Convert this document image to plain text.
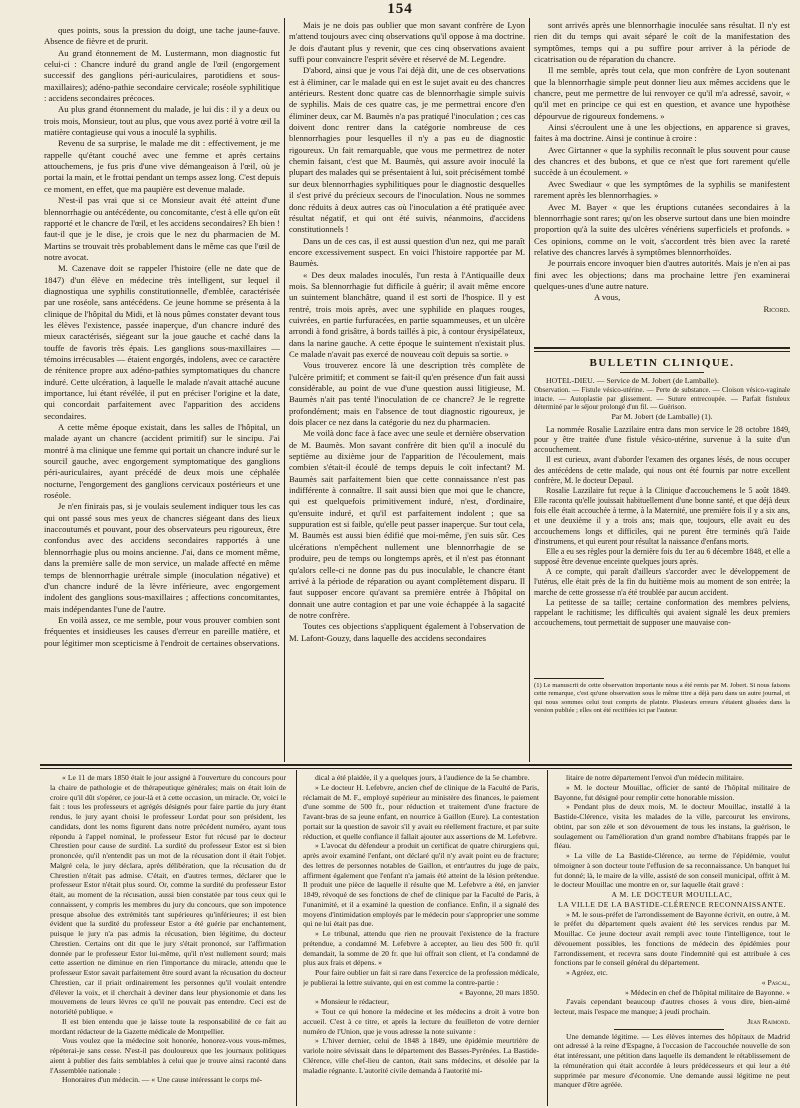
154

ques points, sous la pression du doigt, une tache jaune-fauve. Absence de fièvre et de prurit.

Au grand étonnement de M. Lustermann, mon diagnostic fut celui-ci : Chancre induré du grand angle de l'œil (engorgement successif des ganglions péri-auriculaires, parotidiens et sous-maxillaires); adéno-pathie secondaire cervicale; roséole syphilitique : accidens secondaires précoces.

Au plus grand étonnement du malade, je lui dis : il y a deux ou trois mois, Monsieur, tout au plus, que vous avez porté à votre œil la matière contagieuse qui vous a inoculé la syphilis.

Revenu de sa surprise, le malade me dit : effectivement, je me rappelle qu'étant couché avec une femme et après certains attouchemens, je fus pris d'une vive démangeaison à l'œil, où je portai la main, et le frottai pendant un temps assez long. C'est depuis ce moment, en effet, que ma paupière est devenue malade.

N'est-il pas vrai que si ce Monsieur avait été atteint d'une blennorrhagie ou antécédente, ou concomitante, c'est à elle qu'on eût rapporté et le chancre de l'œil, et les accidens secondaires? Eh bien ! faut-il que je le dise, je crois que le nez du pharmacien de M. Martins se trouvait très probablement dans le même cas que l'œil de notre avocat.

M. Cazenave doit se rappeler l'histoire (elle ne date que de 1847) d'un élève en médecine très intelligent, sur lequel il diagnostiqua une syphilis constitutionnelle, d'emblée, caractérisée par une roséole, sans antécédens. Ce jeune homme se présenta à la clinique de l'hôpital du Midi, et là nous pûmes constater devant tous les élèves l'existence, passée inaperçue, d'un chancre induré des mieux caractérisés, siégeant sur la joue gauche et caché dans la touffe de favoris très épais. Les ganglions sous-maxillaires — témoins irrécusables — étaient engorgés, indolens, avec ce caractère de rénitence propre aux adéno-pathies symptomatiques du chancre induré. Cette ulcération, à laquelle le malade n'avait attaché aucune importance, lui étant révélée, il put en préciser l'origine et la date, qui concordait parfaitement avec l'apparition des accidens secondaires.

A cette même époque existait, dans les salles de l'hôpital, un malade ayant un chancre (accident primitif) sur le sincipu. J'ai montré à ma clinique une femme qui portait un chancre induré sur le sourcil gauche, avec engorgement symptomatique des ganglions péri-auriculaires, ayant précédé de deux mois une céphalée nocturne, l'engorgement des ganglions cervicaux postérieurs et une roséole.

Je n'en finirais pas, si je voulais seulement indiquer tous les cas qui ont passé sous mes yeux de chancres siégeant dans des lieux inaccoutumés et pouvant, pour des observateurs peu rigoureux, être confondus avec des accidens secondaires rapportés à une blennorrhagie plus ou moins ancienne. J'ai, dans ce moment même, dans la première salle de mon service, un malade affecté en même temps de blennorrhagie urétrale simple (inoculation négative) et d'un chancre induré de la lèvre inférieure, avec engorgement indolent des ganglions sous-maxillaires ; affections concomitantes, mais indépendantes l'une de l'autre.

En voilà assez, ce me semble, pour vous prouver combien sont fréquentes et insidieuses les causes d'erreur en pareille matière, et pour légitimer mon scepticisme à l'endroit de certaines observations.

Mais je ne dois pas oublier que mon savant confrère de Lyon m'attend toujours avec cinq observations qu'il oppose à ma doctrine. Je dois d'autant plus y revenir, que ces cinq observations avaient suffi pour convaincre l'esprit sévère et réservé de M. Legendre.

D'abord, ainsi que je vous l'ai déjà dit, une de ces observations est à éliminer, car le malade qui en est le sujet avait eu des chancres antérieurs. Restent donc quatre cas de blennorrhagie simple suivis de syphilis. Mais de ces quatre cas, je me permettrai encore d'en éliminer deux, car M. Baumès n'a pas pratiqué l'inoculation ; ces cas doivent donc rentrer dans la catégorie nombreuse de ces blennorrhagies pour lesquelles il n'y a pas eu de diagnostic rigoureux. Un fait remarquable, que vous me permettrez de noter chemin faisant, c'est que M. Baumès, qui assure avoir inoculé la plupart des malades qui se présentaient à lui, soit précisément tombé sur deux blennorrhagies syphilitiques pour le diagnostic desquelles il s'est privé du précieux secours de l'inoculation. Nous ne sommes donc réduits à deux autres cas où l'inoculation a été pratiquée avec résultat négatif, et qui ont été suivis, néanmoins, d'accidens constitutionnels !

Dans un de ces cas, il est aussi question d'un nez, qui me paraît encore excessivement suspect. En voici l'histoire rapportée par M. Baumès.

« Des deux malades inoculés, l'un resta à l'Antiquaille deux mois. Sa blennorrhagie fut difficile à guérir; il avait même encore un suintement blanchâtre, quand il est sorti de l'hospice. Il y est rentré, trois mois après, avec une syphilide en plaques rouges, cuivrées, en partie furfuracées, en partie squammeuses, et un ulcère arrondi à fond grisâtre, à bords taillés à pic, à contour érysipélateux, dans la narine gauche. A cette époque le suintement n'existait plus. Ce malade n'avait pas exercé de nouveau coït depuis sa sortie. »

Vous trouverez encore là une description très complète de l'ulcère primitif; et comment se fait-il qu'en présence d'un fait aussi considérable, au point de vue d'une question aussi litigieuse, M. Baumès n'ait pas tenté l'inoculation de ce chancre? Je le regrette profondément; mais en l'absence de tout diagnostic rigoureux, je dois placer ce nez dans la catégorie du nez du pharmacien.

Me voilà donc face à face avec une seule et dernière observation de M. Baumès. Mon savant confrère dit bien qu'il a inoculé du septième au dixième jour de l'apparition de l'écoulement, mais combien s'était-il écoulé de temps depuis le coït infectant? M. Baumès sait parfaitement bien que cette connaissance n'est pas indifférente à connaître. Il sait aussi bien que moi que le chancre, qui est quelquefois primitivement induré, n'est, d'ordinaire, qu'ensuite induré, et qu'il est parfaitement indolent ; que sa suppuration est si faible, qu'elle peut passer inaperçue. Sur tout cela, M. Baumès est aussi bien édifié que moi-même, j'en suis sûr. Ces ulcérations n'empêchent nullement une blennorrhagie de se produire, peu de temps ou longtemps après, et il n'est pas étonnant qu'alors celle-ci ne donne pas du pus inoculable, le chancre étant arrivé à la période de réparation ou ayant complètement disparu. Il faut supposer encore qu'avant sa première entrée à l'hôpital on donnait une autre contagion et par une voie échappée à la sagacité de notre confrère.

Toutes ces objections s'appliquent également à l'observation de M. Lafont-Gouzy, dans laquelle des accidens secondaires

sont arrivés après une blennorrhagie inoculée sans résultat. Il n'y est rien dit du temps qui avait séparé le coït de la manifestation des symptômes, temps qui a pu suffire pour arriver à la période de cicatrisation ou de réparation du chancre.

Il me semble, après tout cela, que mon confrère de Lyon soutenant que la blennorrhagie simple peut donner lieu aux mêmes accidens que le chancre, peut me permettre de lui renvoyer ce qu'il m'a adressé, savoir, « qu'il met en principe ce qui est en question, et avance une hypothèse dépourvue de rigoureux fondemens. »

Ainsi s'écroulent une à une les objections, en apparence si graves, faites à ma doctrine. Ainsi je continue à croire :

Avec Girtanner « que la syphilis reconnaît le plus souvent pour cause des chancres et des bubons, et que ce n'est que fort rarement qu'elle succède à un écoulement. »

Avec Swediaur « que les symptômes de la syphilis se manifestent rarement après les blennorrhagies. »

Avec M. Bayer « que les éruptions cutanées secondaires à la blennorrhagie sont rares; qu'on les observe surtout dans une bien moindre proportion qu'à la suite des ulcères vénériens superficiels et profonds. » Ces opinions, comme on le voit, s'accordent très bien avec la rareté relative des chancres larvés à symptômes blennorrhoïdes.

Je pourrais encore invoquer bien d'autres autorités. Mais je n'en ai pas fini avec les objections; dans ma prochaine lettre j'en examinerai quelques-unes d'une autre nature.

A vous,

Ricord.

BULLETIN CLINIQUE.

HOTEL-DIEU. — Service de M. Jobert (de Lamballe).

Observation. — Fistule vésico-utérine. — Perte de substance. — Cloison vésico-vaginale intacte. — Autoplastie par glissement. — Suture entrecoupée. — Parfait fistuleux déterminé par le séjour prolongé d'un fil. — Guérison.

Par M. Jobert (de Lamballe) (1).

La nommée Rosalie Lazzilaire entra dans mon service le 28 octobre 1849, pour y être traitée d'une fistule vésico-utérine, survenue à la suite d'un accouchement.

Il est curieux, avant d'aborder l'examen des organes lésés, de nous occuper des antécédens de cette malade, qui nous ont été fournis par notre excellent confrère, M. le docteur Depaul.

Rosalie Lazzilaire fut reçue à la Clinique d'accouchemens le 5 août 1849. Elle raconta qu'elle jouissait habituellement d'une bonne santé, et que déjà deux fois elle était accouchée à terme, à la Maternité, une première fois il y a six ans, et une deuxième il y a trois ans; mais que, toujours, elle avait eu des accouchemens longs et difficiles, qui ne purent être terminés qu'à l'aide d'instrumens, et qui eurent pour résultat la naissance d'enfans morts.

Elle a eu ses règles pour la dernière fois du 1er au 6 décembre 1848, et elle a supposé être devenue enceinte quelques jours après.

A ce compte, qui paraît d'ailleurs s'accorder avec le développement de l'utérus, elle était près de la fin du huitième mois au moment de son entrée; la marche de cette grossesse n'a été troublée par aucun accident.

La petitesse de sa taille; certaine conformation des membres pelviens, rappelant le rachitisme; les difficultés qui avaient signalé les deux premiers accouchemens, tout permettait de supposer une mauvaise con-

(1) Le manuscrit de cette observation importante nous a été remis par M. Jobert. Si nous faisons cette remarque, c'est qu'une observation sous le même titre a déjà paru dans un autre journal, et qui nous sommes celui tout compris de plainte. Plusieurs erreurs s'étaient glissées dans la version publiée ; elles ont été rectifiées ici par l'auteur.

« Le 11 de mars 1850 était le jour assigné à l'ouverture du concours pour la chaire de pathologie et de thérapeutique générales; mais on était loin de croire qu'il dût s'opérer, ce jour-là et à cette occasion, un miracle. Or, voici le fait : tous les professeurs et agrégés désignés pour faire partie du jury étant rendus, le jury ayant choisi le professeur Lordat pour son président, les candidats, dont les noms figurent dans notre précédent numéro, ayant tous répondu à l'appel nominal, le professeur Estor fut récusé par le docteur Chrestien pour cause de surdité. La surdité du professeur Estor est si bien prononcée, qu'il n'entendit pas un mot de la récusation dont il était l'objet. Malgré cela, le jury déclara, après délibération, que la récusation du dr Chrestien n'était pas admise. C'était, en d'autres termes, déclarer que le professeur Estor n'était plus sourd. Or, comme la surdité du professeur Estor était, au moment de la récusation, aussi bien constatée par tous ceux qui le connaissent, y compris les membres du jury du concours, que son impotence presque absolue des extrémités tant supérieures qu'inférieures; il est bien évident que la surdité du professeur Estor a été guérie par enchantement, puisque le jury n'a pas admis la récusation, bien légitime, du docteur Chrestien. Certains ont dit que le jury s'était prononcé, sur l'affirmation donnée par le professeur Estor lui-même, qu'il n'est nullement sourd; mais cette assertion ne diminue en rien l'importance du miracle, attendu que le professeur Estor savait parfaitement être sourd avant la récusation du docteur Chrestien, car il priait ordinairement les personnes qu'il voulait entendre d'élever la voix, et il cherchait à deviner dans leur physionomie et dans les mouvemens de leurs lèvres ce qu'il ne pouvait pas entendre. Ceci est de notoriété publique. »

Il est bien entendu que je laisse toute la responsabilité de ce fait au mordant rédacteur de la Gazette médicale de Montpellier.

Vous voulez que la médecine soit honorée, honorez-vous vous-mêmes, répéterai-je sans cesse. N'est-il pas douloureux que les journaux politiques aient à publier des faits semblables à celui que je trouve ainsi raconté dans l'Assemblée nationale :

Honoraires d'un médecin. — « Une cause intéressant le corps mé-

dical a été plaidée, il y a quelques jours, à l'audience de la 5e chambre.

» Le docteur H. Lefebvre, ancien chef de clinique de la Faculté de Paris, réclamait de M. F., employé supérieur au ministère des finances, le paiement d'une somme de 500 fr., pour réduction et traitement d'une fracture de l'avant-bras de sa jeune enfant, en nourrice à Gaillon (Eure). La contestation portait sur la question de savoir s'il y avait eu réellement fracture, et par suite réduction, et quelle confiance il fallait ajouter aux assertions de M. Lefebvre.

» L'avocat du défendeur a produit un certificat de quatre chirurgiens qui, après avoir examiné l'enfant, ont déclaré qu'il n'y avait point eu de fracture; des lettres de personnes notables de Gaillon, et entr'autres du juge de paix, affirment également que l'enfant n'a jamais été atteint de la lésion prétendue. Il produit une pièce de laquelle il résulte que M. Lefebvre a été, en janvier 1849, révoqué de ses fonctions de chef de clinique par la Faculté de Paris, à l'unanimité, et il a examiné la question de confiance. Enfin, il a signalé des moyens d'intimidation employés par le médecin pour s'approprier une somme qui ne lui était pas due.

» Le tribunal, attendu que rien ne prouvait l'existence de la fracture prétendue, a condamné M. Lefebvre à accepter, au lieu des 500 fr. qu'il demandait, la somme de 20 fr. que lui offrait son client, et l'a condamné de plus aux frais et dépens. »

Pour faire oublier un fait si rare dans l'exercice de la profession médicale, je publierai la lettre suivante, qui en est comme la contre-partie :

« Bayonne, 20 mars 1850.

» Monsieur le rédacteur,

» Tout ce qui honore la médecine et les médecins a droit à votre bon accueil. C'est à ce titre, et après la lecture du feuilleton de votre dernier numéro de l'Union, que je vous adresse la note suivante :

» L'hiver dernier, celui de 1848 à 1849, une épidémie meurtrière de variole noire sévissait dans le département des Basses-Pyrénées. La Bastide-Clérence, ville chef-lieu de canton, était sans médecins, et désolée par la maladie régnante. L'autorité civile demanda à l'autorité mi-

litaire de notre département l'envoi d'un médecin militaire.

» M. le docteur Mouillac, officier de santé de l'hôpital militaire de Bayonne, fut désigné pour remplir cette honorable mission.

» Pendant plus de deux mois, M. le docteur Mouillac, installé à la Bastide-Clérence, visita les malades de la ville, parcourut les environs, obtint, par son zèle et son dévouement de tous les instans, la guérison, le soulagement ou l'amélioration d'un grand nombre d'habitans frappés par le fléau.

» La ville de La Bastide-Clérence, au terme de l'épidémie, voulut témoigner à son docteur toute l'effusion de sa reconnaissance. Un banquet lui fut donné; là, le maire de la ville, assisté de son conseil municipal, offrit à M. le docteur Mouillac une montre en or, sur laquelle était gravé :

A M. LE DOCTEUR MOUILLAC,

LA VILLE DE LA BASTIDE-CLÉRENCE RECONNAISSANTE.

» M. le sous-préfet de l'arrondissement de Bayonne écrivit, en outre, à M. le préfet du département quels avaient été les services rendus par M. Mouillac. Ce jeune docteur avait rempli avec toute l'intelligence, tout le dévouement possibles, les fonctions de médecin des épidémies pour l'arrondissement, et recevra sans doute l'indemnité qui est attribuée à ces fonctions par le conseil général du département.

» Agréez, etc.

« Pascal,

» Médecin en chef de l'hôpital militaire de Bayonne. »

J'avais cependant beaucoup d'autres choses à vous dire, bien-aimé lecteur, mais l'espace me manque; à jeudi prochain.

Jean Raimond.

Une demande légitime. — Les élèves internes des hôpitaux de Madrid ont adressé à la reine d'Espagne, à l'occasion de l'accouchée nouvelle de son état intéressant, une pétition dans laquelle ils demandent le rétablissement de la rémunération qui était accordée à leurs prédécesseurs et qui leur a été supprimée par mesure d'économie. Une demande aussi légitime ne peut manquer d'être agréée.
